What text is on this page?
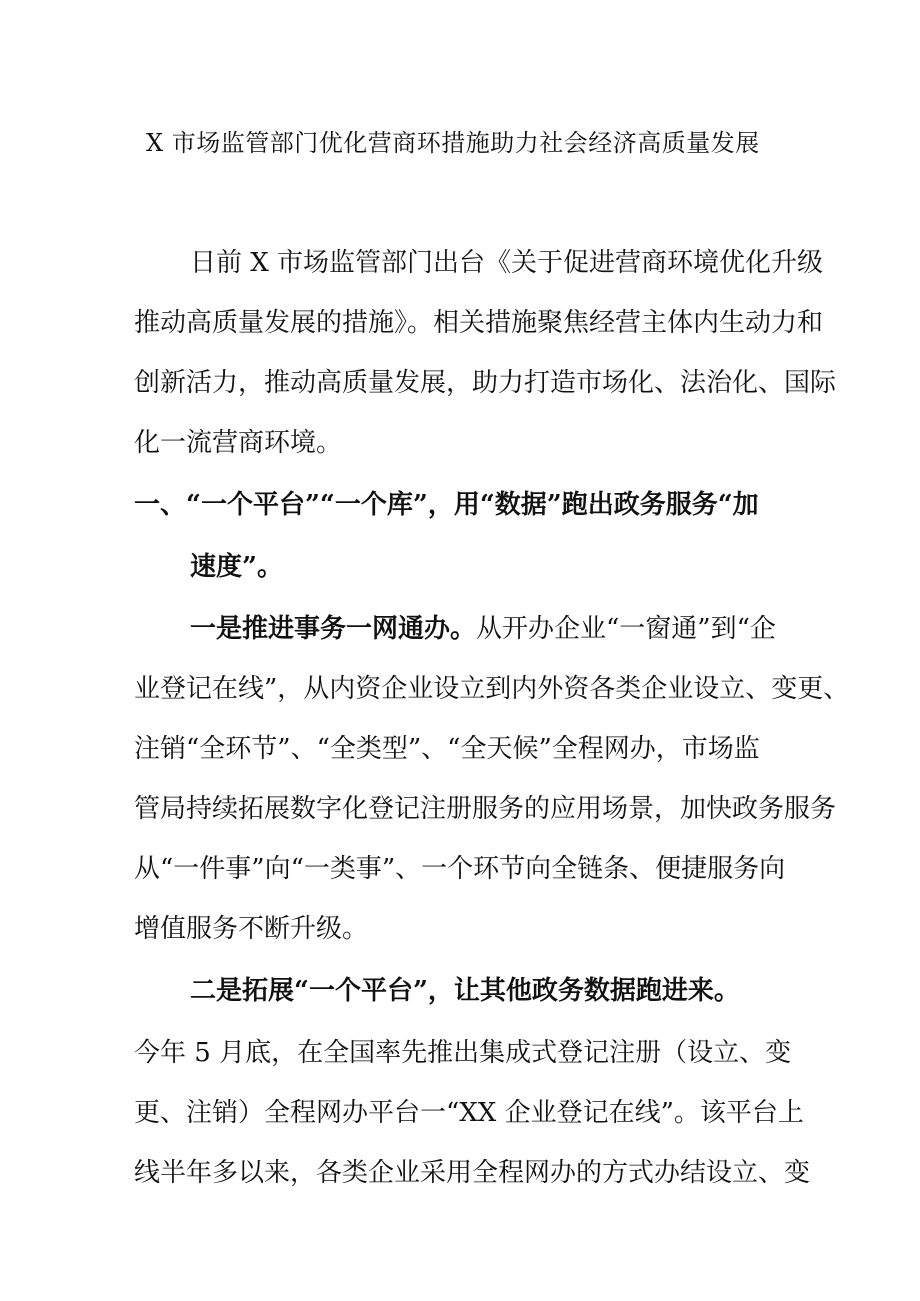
X 市场监管部门优化营商环措施助力社会经济高质量发展
日前 X 市场监管部门出台《关于促进营商环境优化升级
推动高质量发展的措施》。相关措施聚焦经营主体内生动力和
创新活力，推动高质量发展，助力打造市场化、法治化、国际
化一流营商环境。
一、“一个平台”“一个库”，用“数据”跑出政务服务“加
速度”。
一是推进事务一网通办。从开办企业“一窗通”到“企
业登记在线”，从内资企业设立到内外资各类企业设立、变更、
注销“全环节”、“全类型”、“全天候”全程网办，市场监
管局持续拓展数字化登记注册服务的应用场景，加快政务服务
从“一件事”向“一类事”、一个环节向全链条、便捷服务向
增值服务不断升级。
二是拓展“一个平台”，让其他政务数据跑进来。
今年 5 月底，在全国率先推出集成式登记注册（设立、变
更、注销）全程网办平台一“XX 企业登记在线”。该平台上
线半年多以来，各类企业采用全程网办的方式办结设立、变
